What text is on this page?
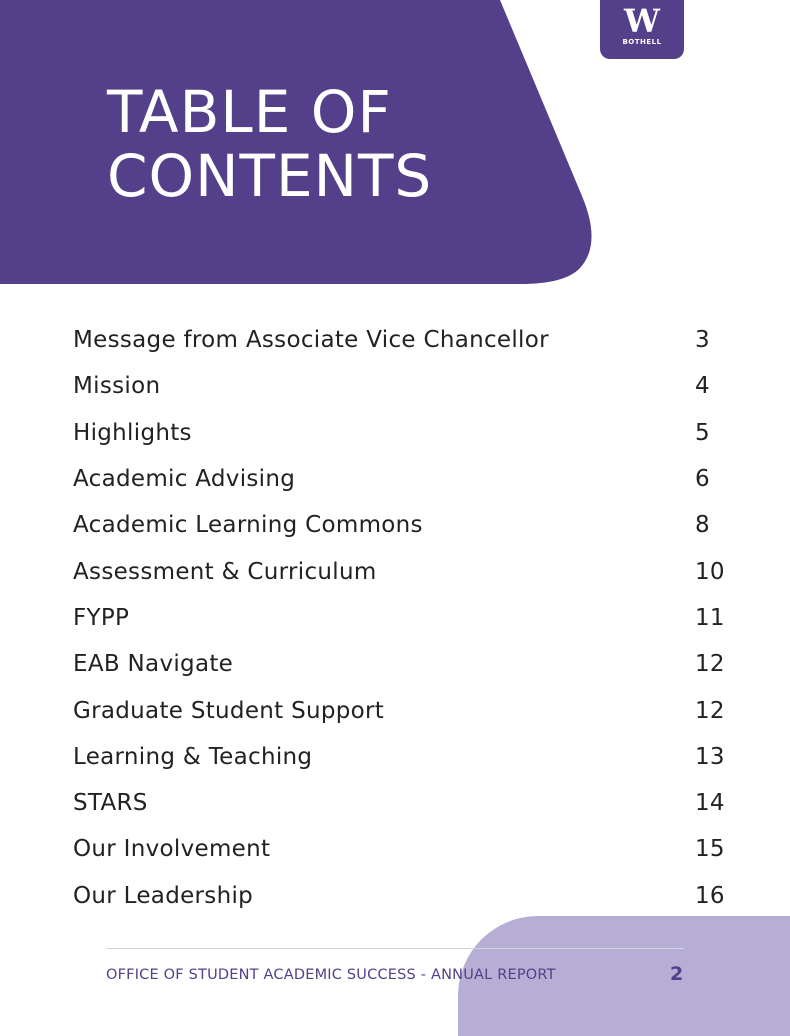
TABLE OF
CONTENTS
W
BOTHELL
Message from Associate Vice Chancellor	3
Mission	4
Highlights	5
Academic Advising	6
Academic Learning Commons	8
Assessment & Curriculum	10
FYPP	11
EAB Navigate	12
Graduate Student Support	12
Learning & Teaching	13
STARS	14
Our Involvement	15
Our Leadership	16
OFFICE OF STUDENT ACADEMIC SUCCESS - ANNUAL REPORT	2
